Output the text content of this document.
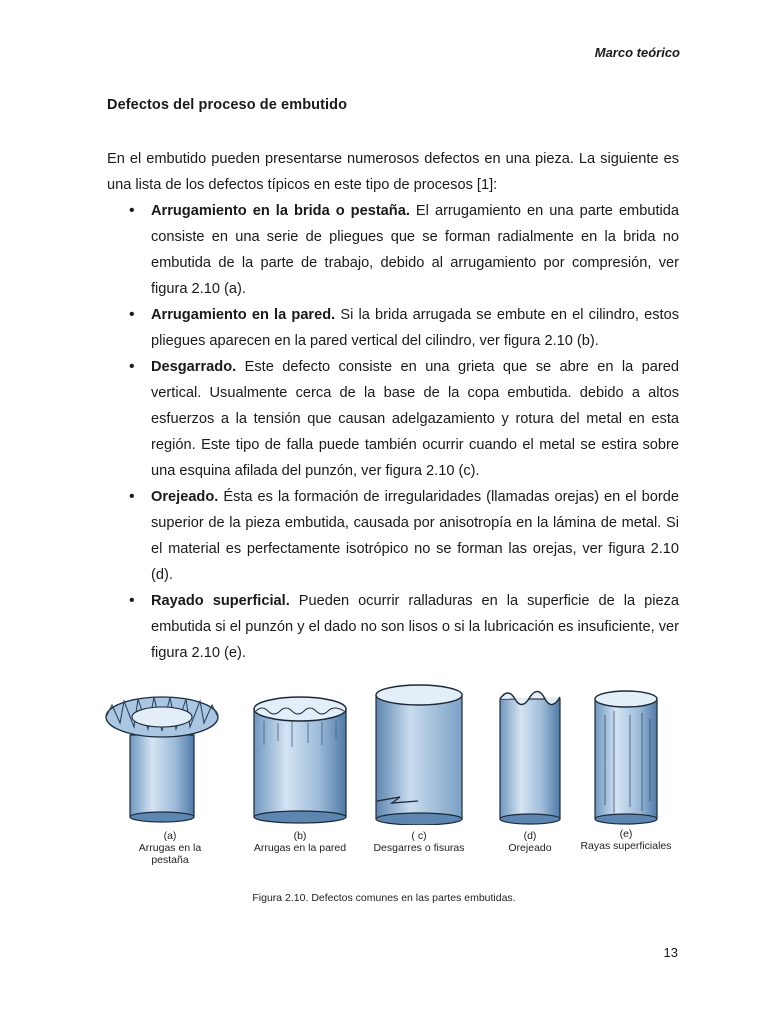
Marco teórico
Defectos del proceso de embutido

En el embutido pueden presentarse numerosos defectos en una pieza. La siguiente es una lista de los defectos típicos en este tipo de procesos [1]:

• Arrugamiento en la brida o pestaña. El arrugamiento en una parte embutida consiste en una serie de pliegues que se forman radialmente en la brida no embutida de la parte de trabajo, debido al arrugamiento por compresión, ver figura 2.10 (a).
• Arrugamiento en la pared. Si la brida arrugada se embute en el cilindro, estos pliegues aparecen en la pared vertical del cilindro, ver figura 2.10 (b).
• Desgarrado. Este defecto consiste en una grieta que se abre en la pared vertical. Usualmente cerca de la base de la copa embutida. debido a altos esfuerzos a la tensión que causan adelgazamiento y rotura del metal en esta región. Este tipo de falla puede también ocurrir cuando el metal se estira sobre una esquina afilada del punzón, ver figura 2.10 (c).
• Orejeado. Ésta es la formación de irregularidades (llamadas orejas) en el borde superior de la pieza embutida, causada por anisotropía en la lámina de metal. Si el material es perfectamente isotrópico no se forman las orejas, ver figura 2.10 (d).
• Rayado superficial. Pueden ocurrir ralladuras en la superficie de la pieza embutida si el punzón y el dado no son lisos o si la lubricación es insuficiente, ver figura 2.10 (e).
(a)
Arrugas en la pestaña
(b)
Arrugas en la pared
( c)
Desgarres o fisuras
(d)
Orejeado
(e)
Rayas superficiales
Figura 2.10. Defectos comunes en las partes embutidas.
13
